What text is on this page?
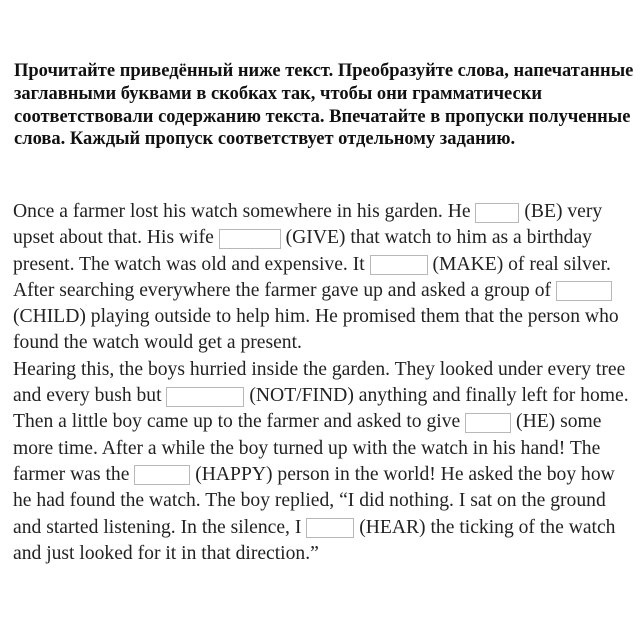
Прочитайте приведённый ниже текст. Преобразуйте слова, напечатанные заглавными буквами в скобках так, чтобы они грамматически соответствовали содержанию текста. Впечатайте в пропуски полученные слова. Каждый пропуск соответствует отдельному заданию.

Once a farmer lost his watch somewhere in his garden. He  (BE) very upset about that. His wife	(GIVE) that watch to him as a birthday present. The watch was old and expensive. It	(MAKE) of real silver. After searching everywhere the farmer gave up and asked a group of  (CHILD) playing outside to help him. He promised them that the person who found the watch would get a present.

Hearing this, the boys hurried inside the garden. They looked under every tree and every bush but	(NOT/FIND) anything and finally left for home. Then a little boy came up to the farmer and asked to give	(HE) some more time. After a while the boy turned up with the watch in his hand! The farmer was the	(HAPPY) person in the world! He asked the boy how he had found the watch. The boy replied, “I did nothing. I sat on the ground and started listening. In the silence, I	(HEAR) the ticking of the watch and just looked for it in that direction.”
